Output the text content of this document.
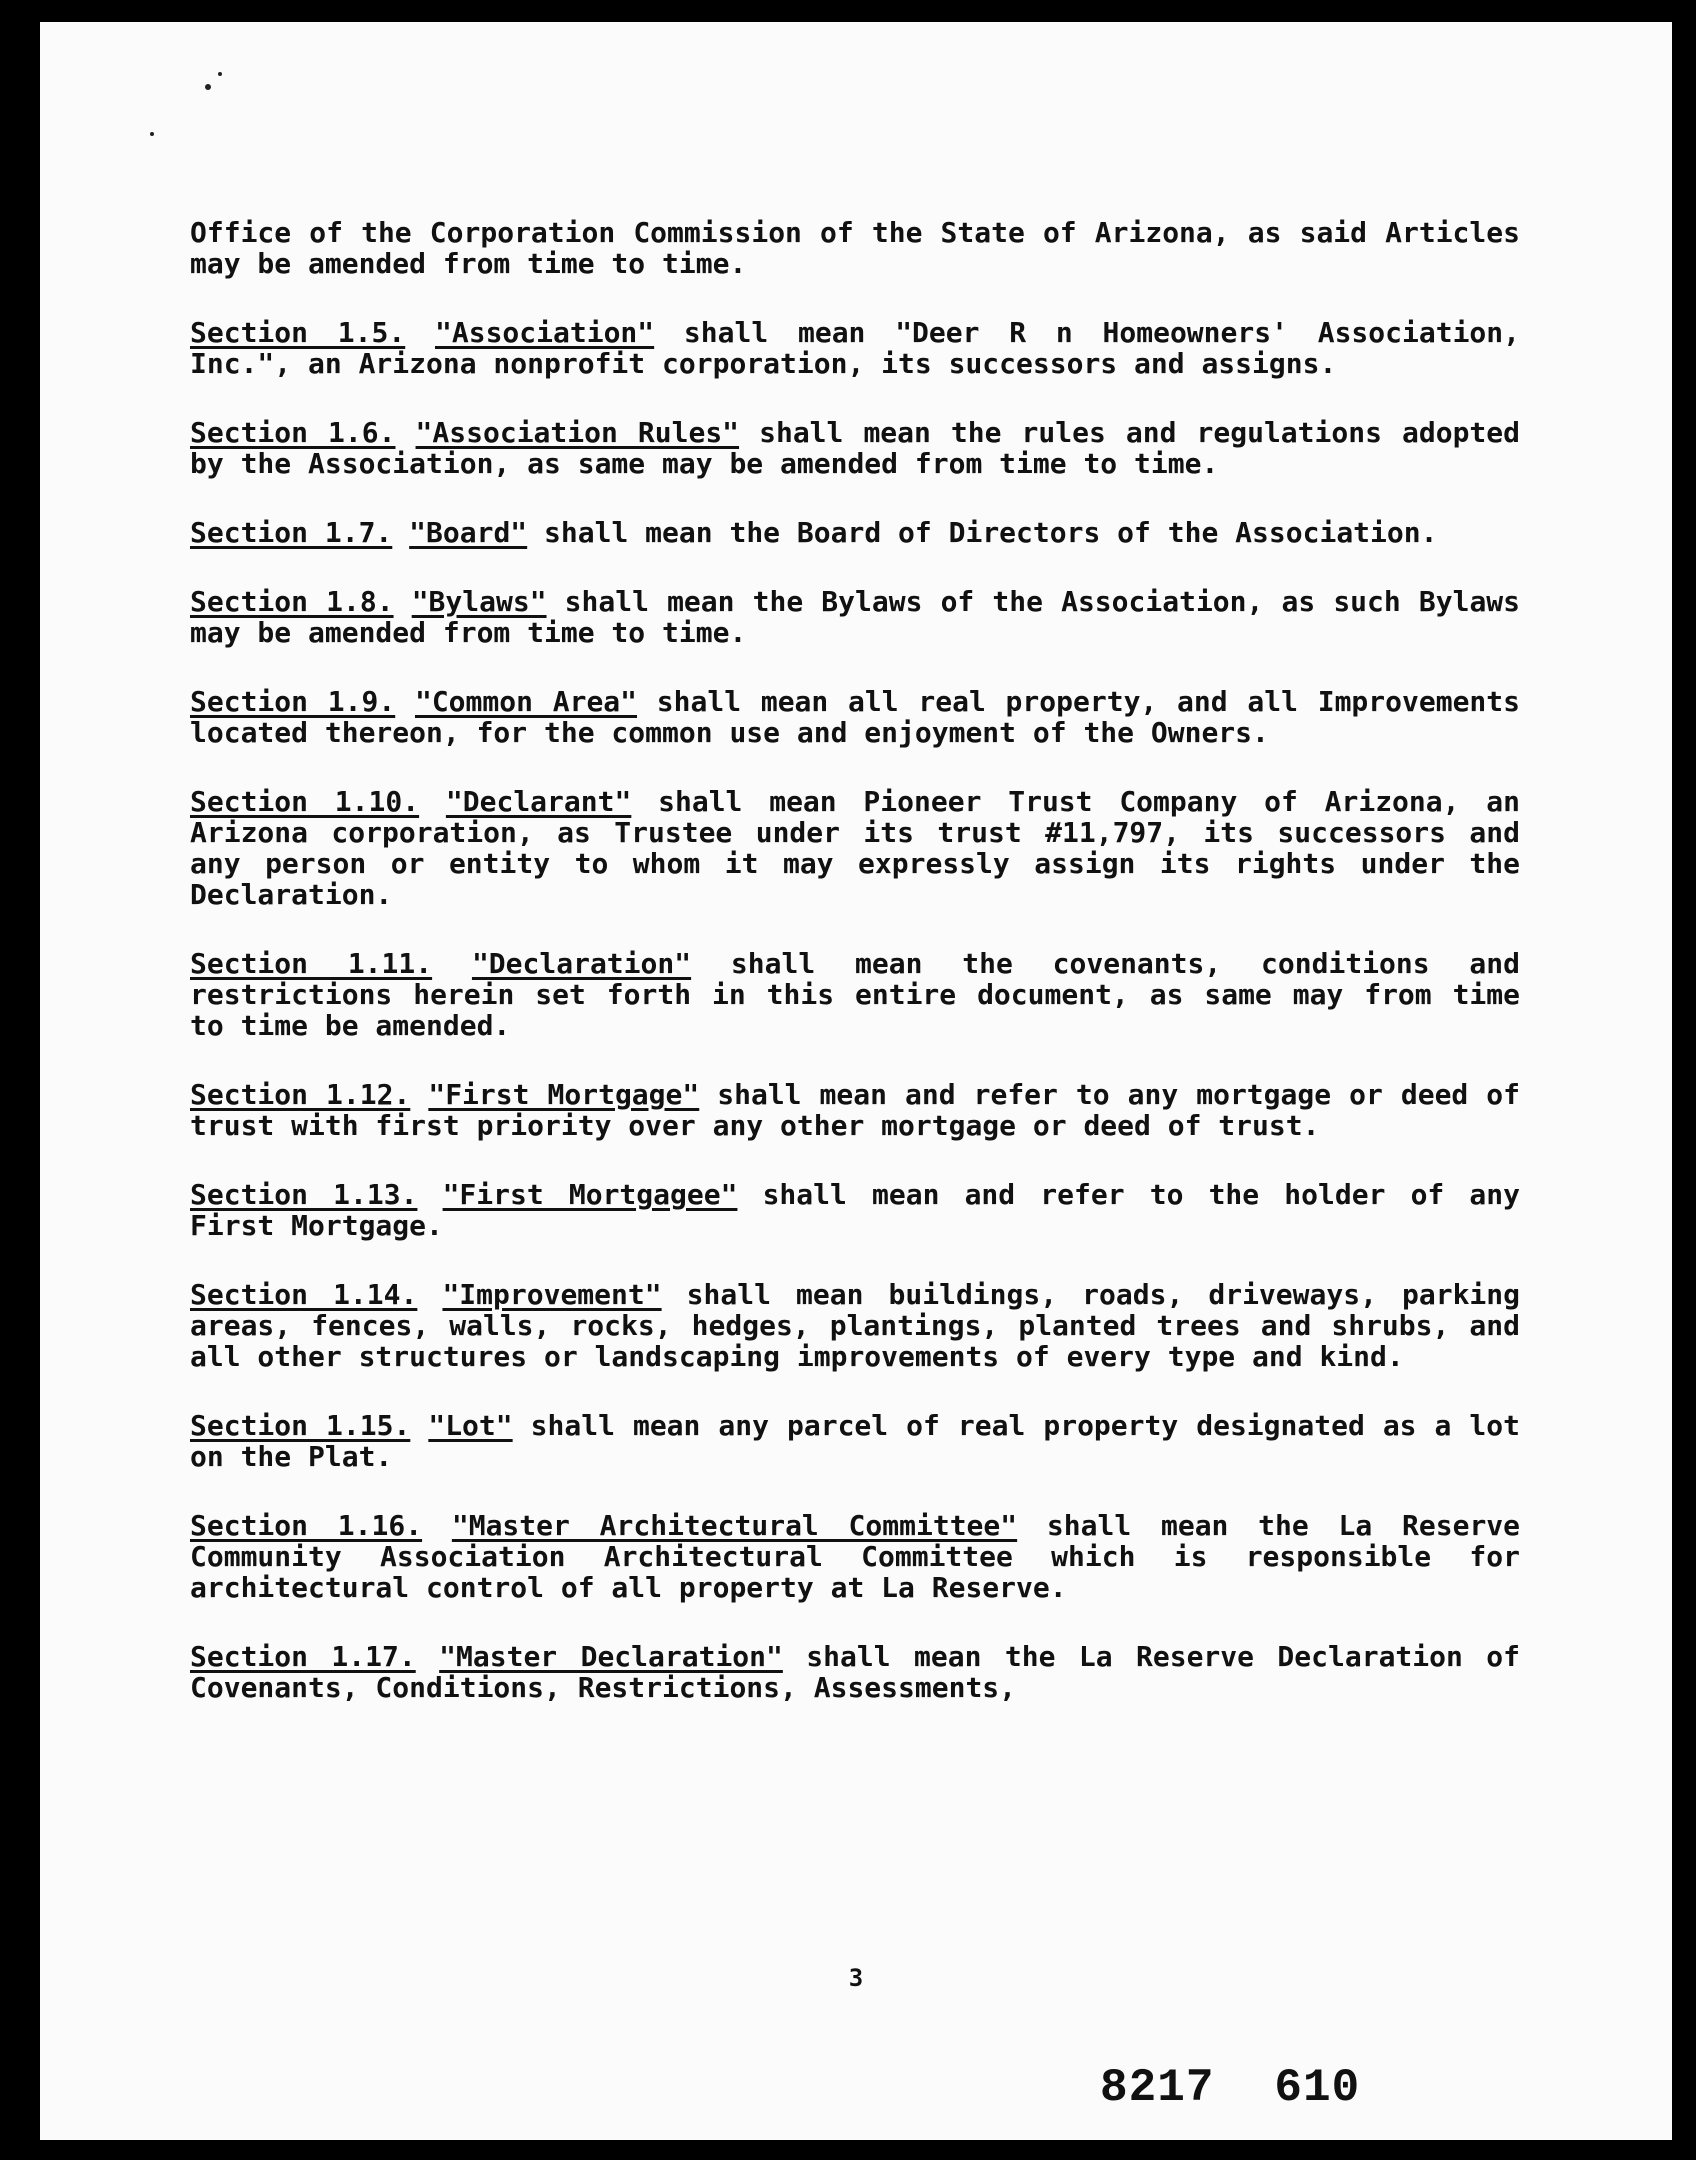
Office of the Corporation Commission of the State of Arizona, as said Articles may be amended from time to time.

Section 1.5. "Association" shall mean "Deer R n Homeowners' Association, Inc.", an Arizona nonprofit corporation, its successors and assigns.

Section 1.6. "Association Rules" shall mean the rules and regulations adopted by the Association, as same may be amended from time to time.

Section 1.7. "Board" shall mean the Board of Directors of the Association.

Section 1.8. "Bylaws" shall mean the Bylaws of the Association, as such Bylaws may be amended from time to time.

Section 1.9. "Common Area" shall mean all real property, and all Improvements located thereon, for the common use and enjoyment of the Owners.

Section 1.10. "Declarant" shall mean Pioneer Trust Company of Arizona, an Arizona corporation, as Trustee under its trust #11,797, its successors and any person or entity to whom it may expressly assign its rights under the Declaration.

Section 1.11. "Declaration" shall mean the covenants, conditions and restrictions herein set forth in this entire document, as same may from time to time be amended.

Section 1.12. "First Mortgage" shall mean and refer to any mortgage or deed of trust with first priority over any other mortgage or deed of trust.

Section 1.13. "First Mortgagee" shall mean and refer to the holder of any First Mortgage.

Section 1.14. "Improvement" shall mean buildings, roads, driveways, parking areas, fences, walls, rocks, hedges, plantings, planted trees and shrubs, and all other structures or landscaping improvements of every type and kind.

Section 1.15. "Lot" shall mean any parcel of real property designated as a lot on the Plat.

Section 1.16. "Master Architectural Committee" shall mean the La Reserve Community Association Architectural Committee which is responsible for architectural control of all property at La Reserve.

Section 1.17. "Master Declaration" shall mean the La Reserve Declaration of Covenants, Conditions, Restrictions, Assessments,

3
8217 610
